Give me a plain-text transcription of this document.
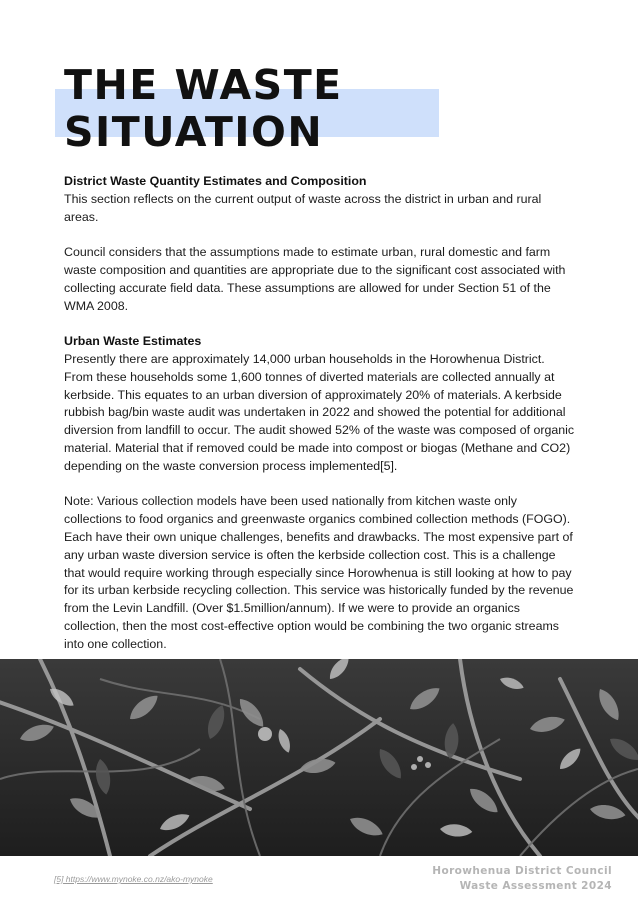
THE WASTE
SITUATION
District Waste Quantity Estimates and Composition

This section reflects on the current output of waste across the district in urban and rural areas.

Council considers that the assumptions made to estimate urban, rural domestic and farm waste composition and quantities are appropriate due to the significant cost associated with collecting accurate field data. These assumptions are allowed for under Section 51 of the WMA 2008.

Urban Waste Estimates

Presently there are approximately 14,000 urban households in the Horowhenua District. From these households some 1,600 tonnes of diverted materials are collected annually at kerbside. This equates to an urban diversion of approximately 20% of materials. A kerbside rubbish bag/bin waste audit was undertaken in 2022 and showed the potential for additional diversion from landfill to occur. The audit showed 52% of the waste was composed of organic material. Material that if removed could be made into compost or biogas (Methane and CO2) depending on the waste conversion process implemented[5].

Note: Various collection models have been used nationally from kitchen waste only collections to food organics and greenwaste organics combined collection methods (FOGO). Each have their own unique challenges, benefits and drawbacks. The most expensive part of any urban waste diversion service is often the kerbside collection cost. This is a challenge that would require working through especially since Horowhenua is still looking at how to pay for its urban kerbside recycling collection. This service was historically funded by the revenue from the Levin Landfill. (Over $1.5million/annum). If we were to provide an organics collection, then the most cost-effective option would be combining the two organic streams into one collection.

[5] https://www.mynoke.co.nz/ako-mynoke
Horowhenua District Council
Waste Assessment 2024
